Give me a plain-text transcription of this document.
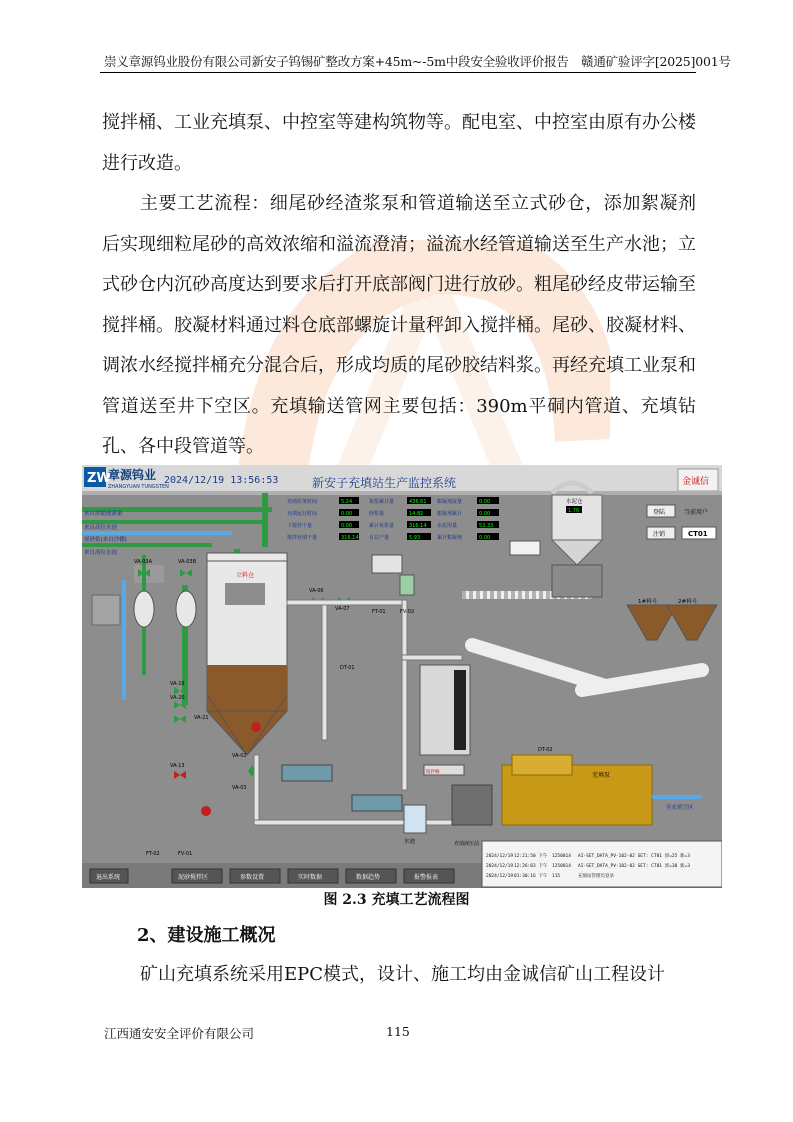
崇义章源钨业股份有限公司新安子钨锡矿整改方案+45m~-5m中段安全验收评价报告　赣通矿验评字[2025]001号
搅拌桶、工业充填泵、中控室等建构筑物等。配电室、中控室由原有办公楼进行改造。
主要工艺流程：细尾砂经渣浆泵和管道输送至立式砂仓，添加絮凝剂后实现细粒尾砂的高效浓缩和溢流澄清；溢流水经管道输送至生产水池；立式砂仓内沉砂高度达到要求后打开底部阀门进行放砂。粗尾砂经皮带运输至搅拌桶。胶凝材料通过料仓底部螺旋计量秤卸入搅拌桶。尾砂、胶凝材料、调浓水经搅拌桶充分混合后，形成均质的尾砂胶结料浆。再经充填工业泵和管道送至井下空区。充填输送管网主要包括：390m平硐内管道、充填钻孔、各中段管道等。
ZW
章源钨业
ZHANGYUAN TUNGSTEN
2024/12/19 13:56:53	新安子充填站生产监控系统	金诚信
来自浓缩池流量
来自高位水池
尾砂浆(来自沙棚)
来自高位水池
充填任务时间	5.24	灰浆累计量	436.61 絮凝剂流量	0.00
充填运行时间	0.00	砂浆量	14.82	絮凝剂累计	0.00
下搅拌干量	0.00	累计灰浆量	316.14 水泥用量	53.33
搅拌充填干量	316.14 日总产量	5.93	累计絮凝剂	0.00
登陆	当前用户
注销	CT01
水泥仓
1.76
立料仓
VA-03A	VA-03B
VA-06
VA-07
VA-19
VA-20
VA-21
VA-13
VA-03
VA-02
FT-01	FV-02
DT-01
FT-02	FV-01
DT-02
水池
搅拌桶
1#料斗	2#料斗
充填泵
至充填空区
充填液压站
退出系统	泥砂搅拌区	参数设置	实时数据	数据趋势	报警报表
2024/12/19 12:21:50 下午 1250814 AI-SET_DATA_PV-102-02 SET: CT01 原=25 新=3
2024/12/19 12:26:03 下午 1250814 AI-SET_DATA_PV-102-02 SET: CT01 原=30 新=3
2024/12/19 01:30:16 下午 115	充填站管理员登录
图 2.3 充填工艺流程图
2、建设施工概况
矿山充填系统采用EPC模式，设计、施工均由金诚信矿山工程设计
江西通安安全评价有限公司	115
